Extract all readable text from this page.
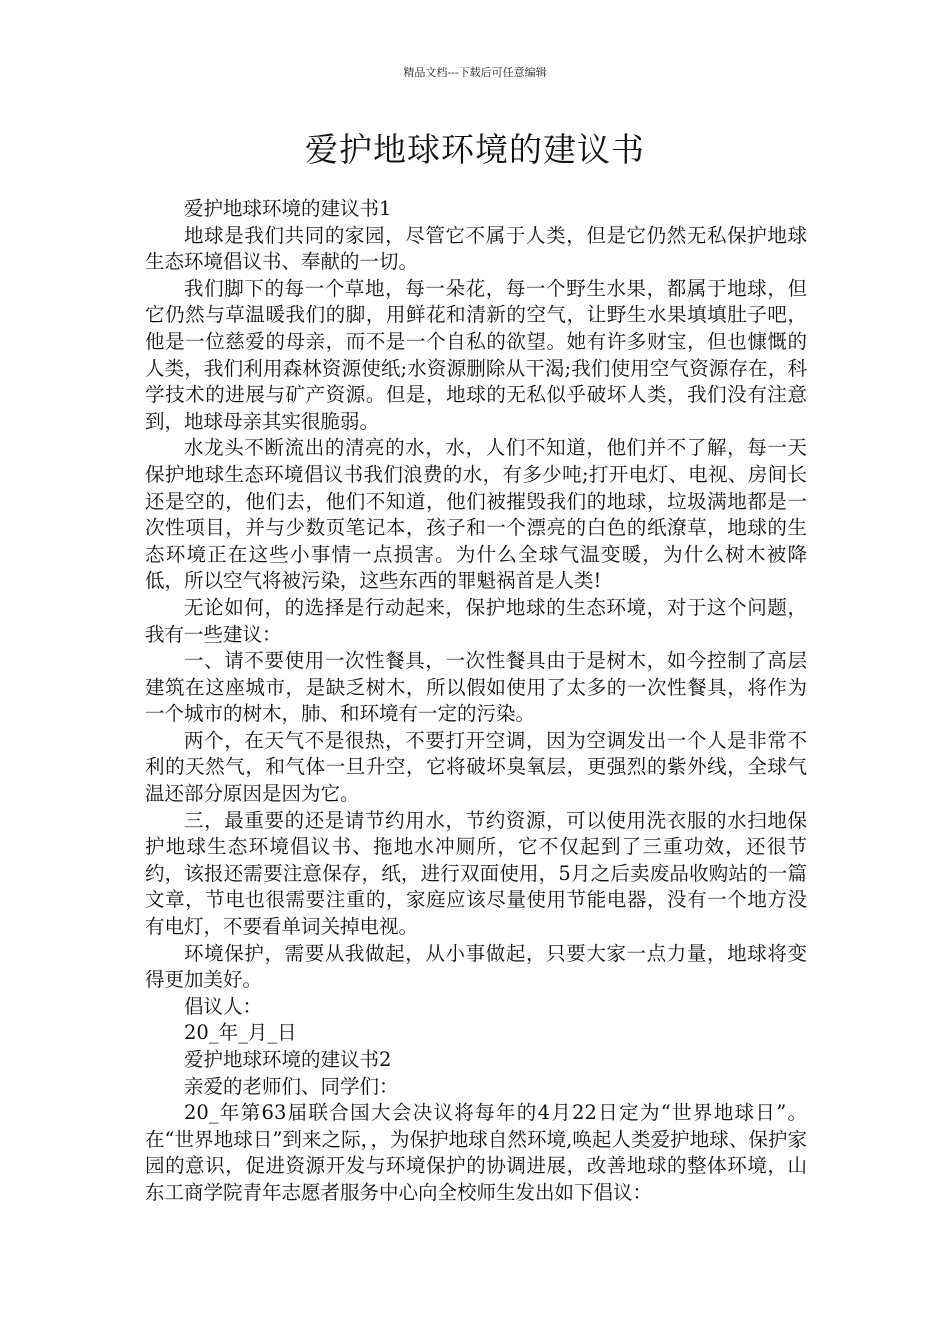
精品文档---下载后可任意编辑
爱护地球环境的建议书

爱护地球环境的建议书1

地球是我们共同的家园，尽管它不属于人类，但是它仍然无私保护地球生态环境倡议书、奉献的一切。

我们脚下的每一个草地，每一朵花，每一个野生水果，都属于地球，但它仍然与草温暖我们的脚，用鲜花和清新的空气，让野生水果填填肚子吧，他是一位慈爱的母亲，而不是一个自私的欲望。她有许多财宝，但也慷慨的人类，我们利用森林资源使纸;水资源删除从干渴;我们使用空气资源存在，科学技术的进展与矿产资源。但是，地球的无私似乎破坏人类，我们没有注意到，地球母亲其实很脆弱。

水龙头不断流出的清亮的水，水，人们不知道，他们并不了解，每一天保护地球生态环境倡议书我们浪费的水，有多少吨;打开电灯、电视、房间长还是空的，他们去，他们不知道，他们被摧毁我们的地球，垃圾满地都是一次性项目，并与少数页笔记本，孩子和一个漂亮的白色的纸潦草，地球的生态环境正在这些小事情一点损害。为什么全球气温变暖，为什么树木被降低，所以空气将被污染，这些东西的罪魁祸首是人类!

无论如何，的选择是行动起来，保护地球的生态环境，对于这个问题，我有一些建议：

一、请不要使用一次性餐具，一次性餐具由于是树木，如今控制了高层建筑在这座城市，是缺乏树木，所以假如使用了太多的一次性餐具，将作为一个城市的树木，肺、和环境有一定的污染。

两个，在天气不是很热，不要打开空调，因为空调发出一个人是非常不利的天然气，和气体一旦升空，它将破坏臭氧层，更强烈的紫外线，全球气温还部分原因是因为它。

三，最重要的还是请节约用水，节约资源，可以使用洗衣服的水扫地保护地球生态环境倡议书、拖地水冲厕所，它不仅起到了三重功效，还很节约，该报还需要注意保存，纸，进行双面使用，5月之后卖废品收购站的一篇文章，节电也很需要注重的，家庭应该尽量使用节能电器，没有一个地方没有电灯，不要看单词关掉电视。

环境保护，需要从我做起，从小事做起，只要大家一点力量，地球将变得更加美好。

倡议人：

20_年_月_日

爱护地球环境的建议书2

亲爱的老师们、同学们：

20_年第63届联合国大会决议将每年的4月22日定为“世界地球日”。在“世界地球日”到来之际，，为保护地球自然环境,唤起人类爱护地球、保护家园的意识，促进资源开发与环境保护的协调进展，改善地球的整体环境，山东工商学院青年志愿者服务中心向全校师生发出如下倡议：
